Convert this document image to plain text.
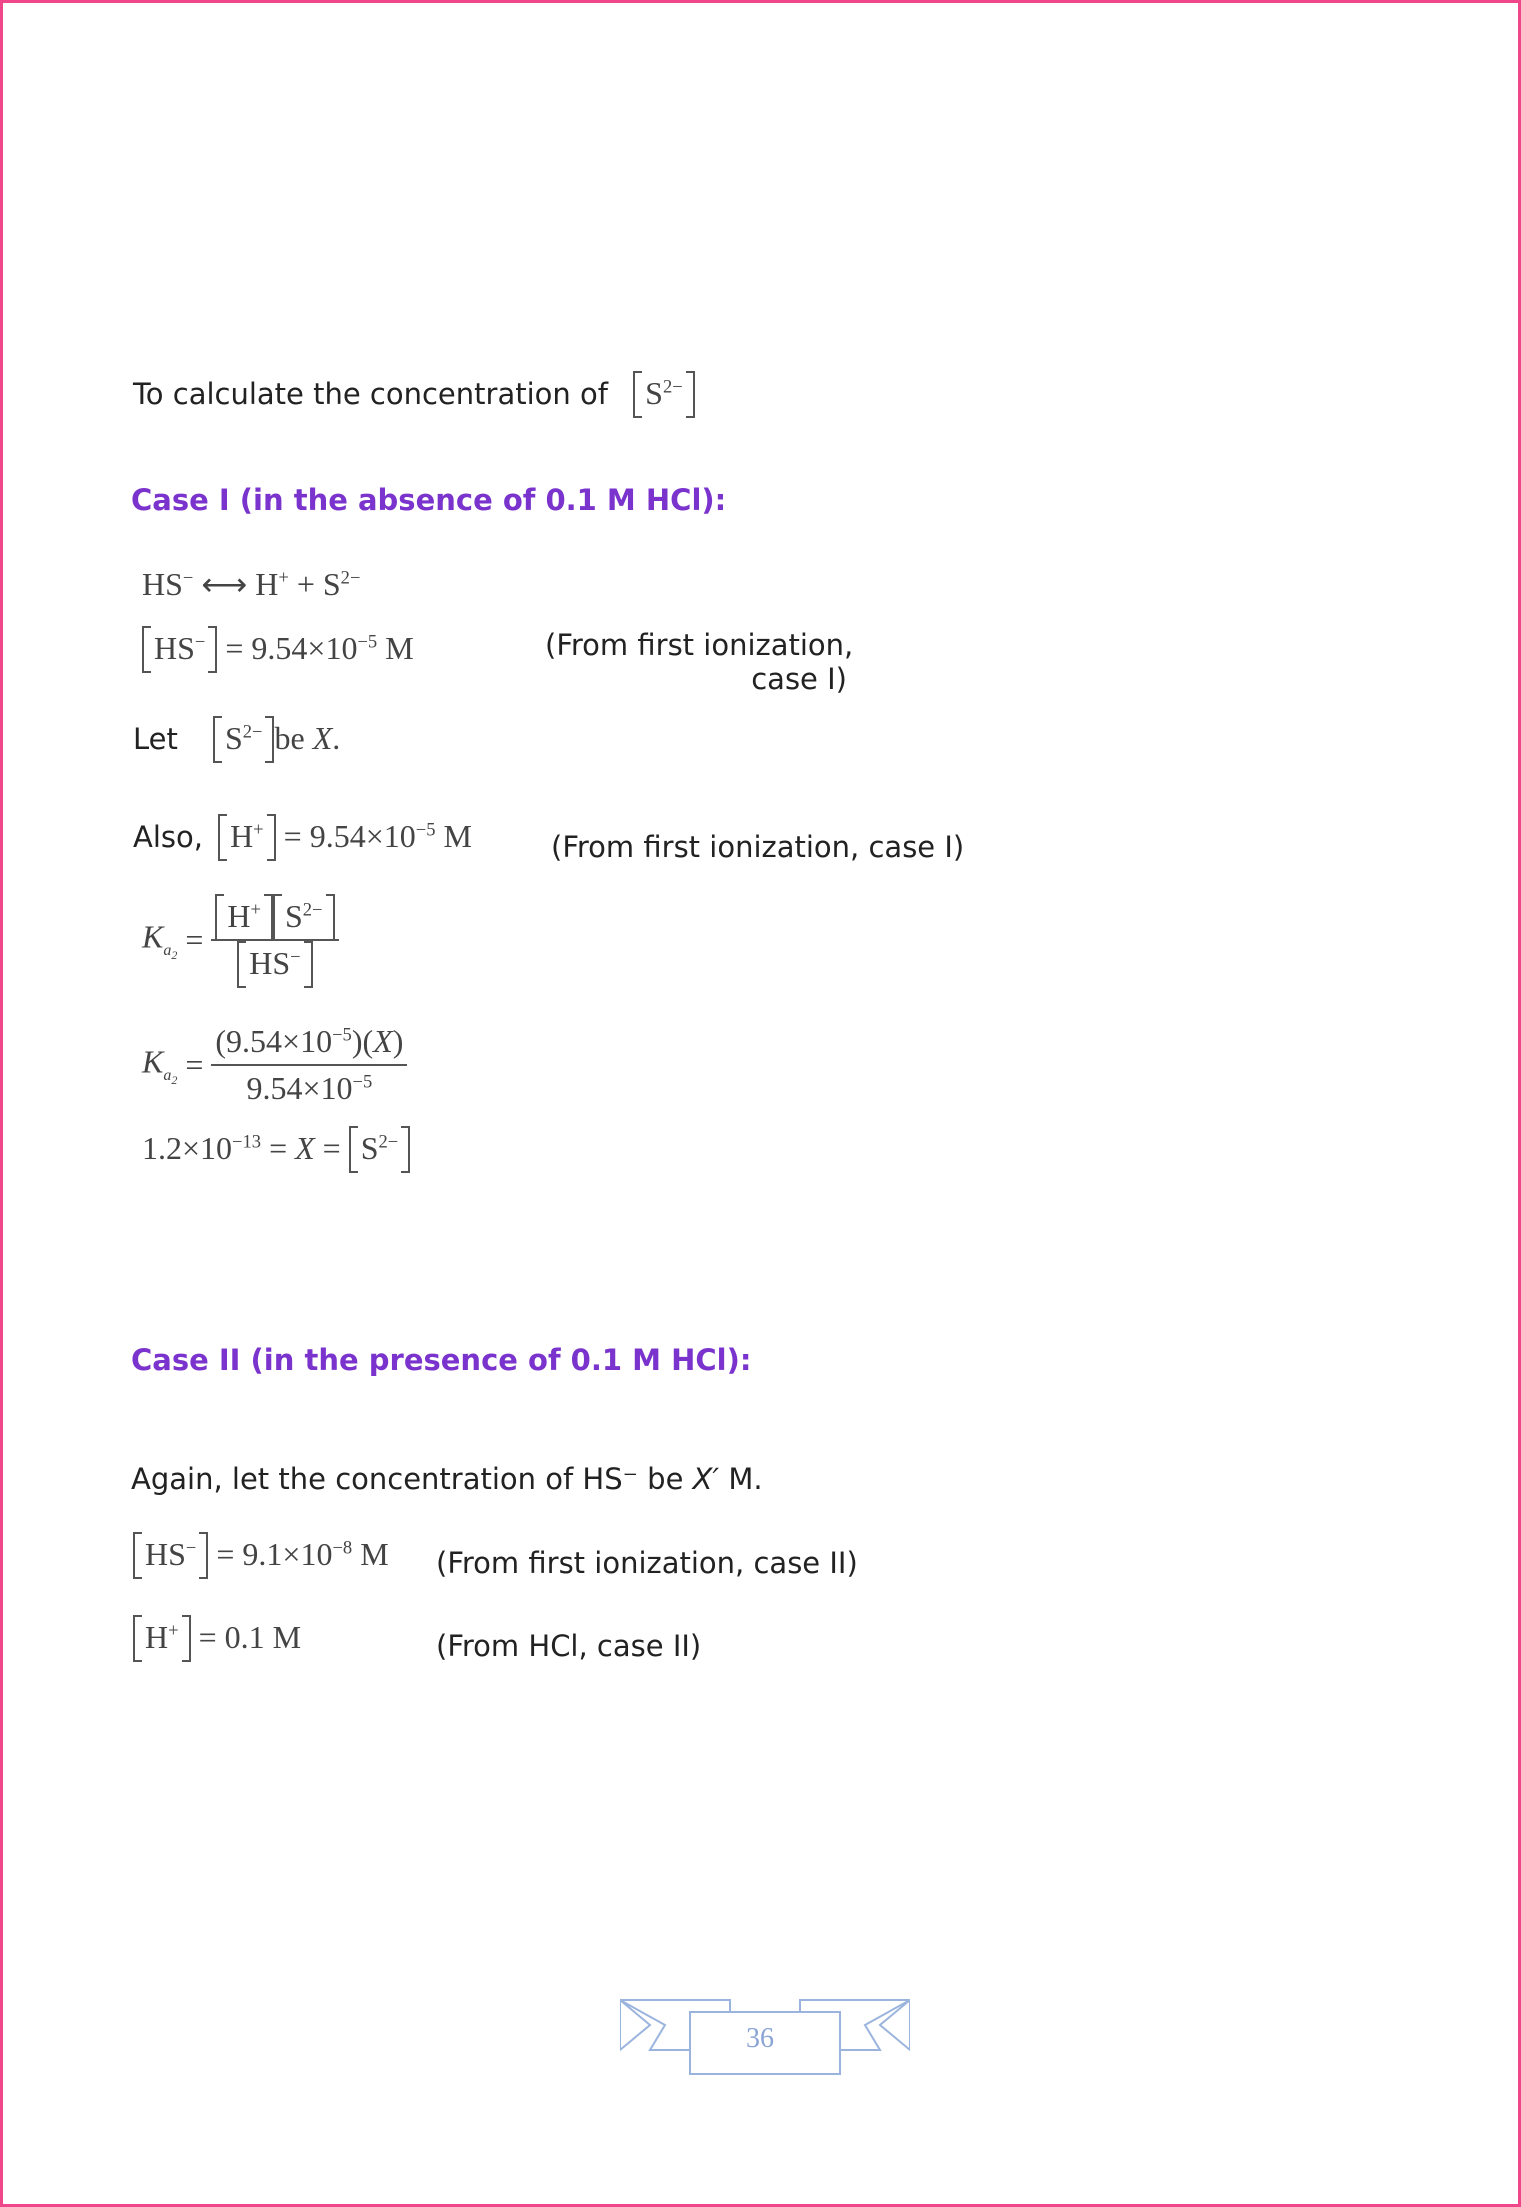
To calculate the concentration of $S^{2-}$
Case I (in the absence of 0.1 M HCl):
HS− ⟷ $H^+ + S^{2-}$
HS−
= $9.54\times 10^{-5}$ M	(From first ionization,
case I)
Let $S^{2-}$ be X.
Also, H+
= $9.54\times 10^{-5}$ M	(From first ionization, case I)
$K_{a_2} = \frac{H^+ S^{2-}}{HS^-}$
$K_{a_2} = \frac{(9.54\times 10^{-5})(X)}{9.54\times 10^{-5}}$
$1.2\times 10^{-13} = X$ =
$S^{2-}$
Case II (in the presence of 0.1 M HCl):
Again, let the concentration of HS⁻ be X′ M.
HS−
= $9.1\times 10^{-8}$ M (From first ionization, case II)
H+
= 0.1 M	(From HCl, case II)
36
